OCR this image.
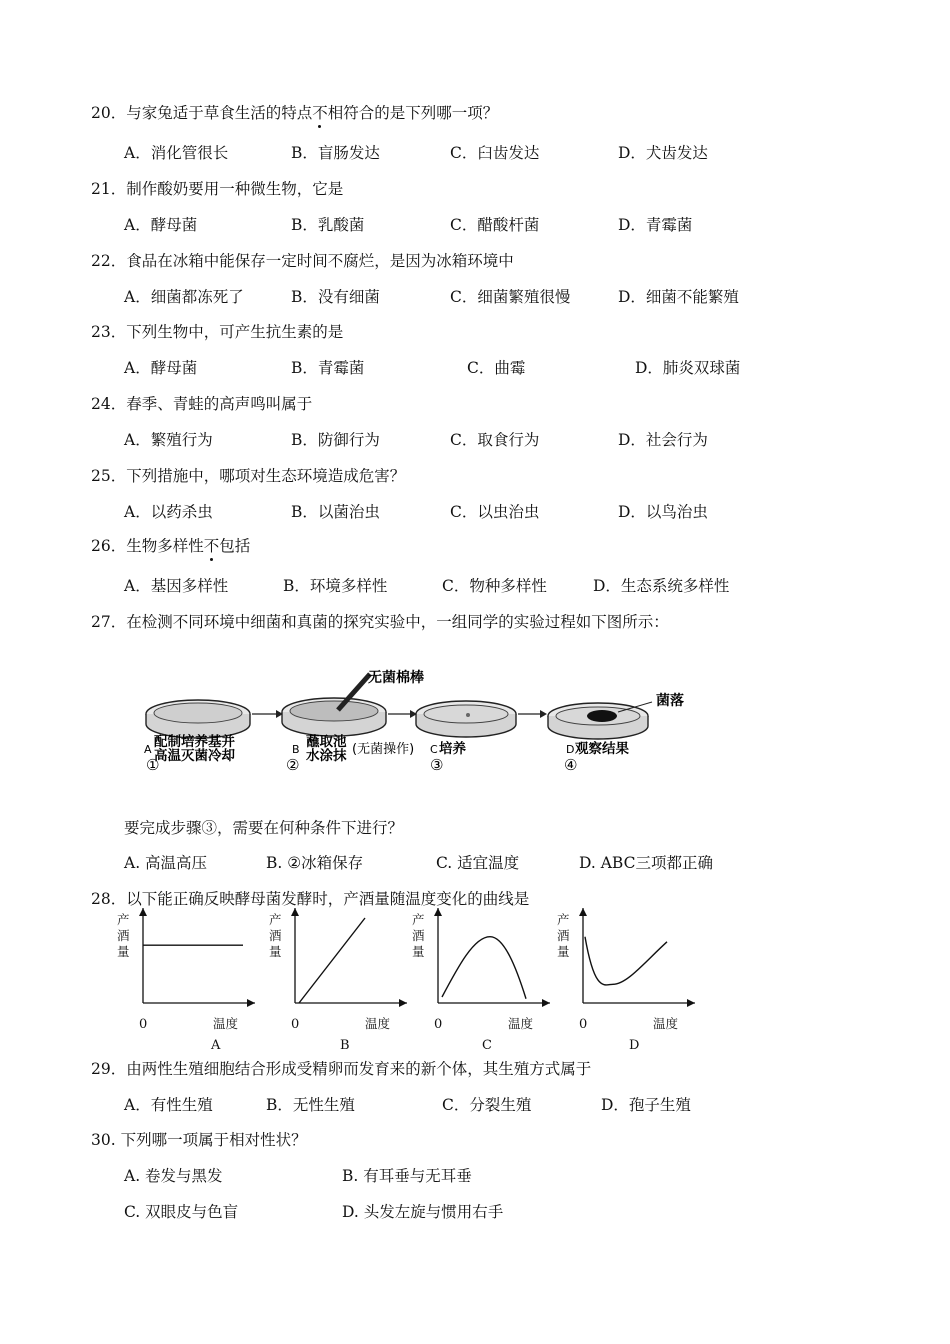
20．与家兔适于草食生活的特点不相符合的是下列哪一项？
A．消化管很长	B．盲肠发达	C．臼齿发达	D．犬齿发达
21．制作酸奶要用一种微生物，它是
A．酵母菌	B．乳酸菌	C．醋酸杆菌	D．青霉菌
22．食品在冰箱中能保存一定时间不腐烂，是因为冰箱环境中
A．细菌都冻死了	B．没有细菌	C．细菌繁殖很慢	D．细菌不能繁殖
23．下列生物中，可产生抗生素的是
A．酵母菌	B．青霉菌	C．曲霉	D．肺炎双球菌
24．春季、青蛙的高声鸣叫属于
A．繁殖行为	B．防御行为	C．取食行为	D．社会行为
25．下列措施中，哪项对生态环境造成危害？
A．以药杀虫	B．以菌治虫	C．以虫治虫	D．以鸟治虫
26．生物多样性不包括
A．基因多样性	B．环境多样性	C．物种多样性	D．生态系统多样性
27．在检测不同环境中细菌和真菌的探究实验中，一组同学的实验过程如下图所示：
无菌棉棒
菌落
A 配制培养基并
高温灭菌冷却
①
B 蘸取池 (无菌操作)
水涂抹
②
C 培养
③
D 观察结果
④
要完成步骤③，需要在何种条件下进行？
A. 高温高压	B. ②冰箱保存	C. 适宜温度	D. ABC三项都正确
28．以下能正确反映酵母菌发酵时，产酒量随温度变化的曲线是
产
酒
量
0	温度
A
产
酒
量
0	温度
B
产
酒
量
0	温度
C
产
酒
量
0	温度
D
29．由两性生殖细胞结合形成受精卵而发育来的新个体，其生殖方式属于
A．有性生殖	B．无性生殖	C．分裂生殖	D．孢子生殖
30. 下列哪一项属于相对性状？
A. 卷发与黑发	B. 有耳垂与无耳垂
C. 双眼皮与色盲	D. 头发左旋与惯用右手
